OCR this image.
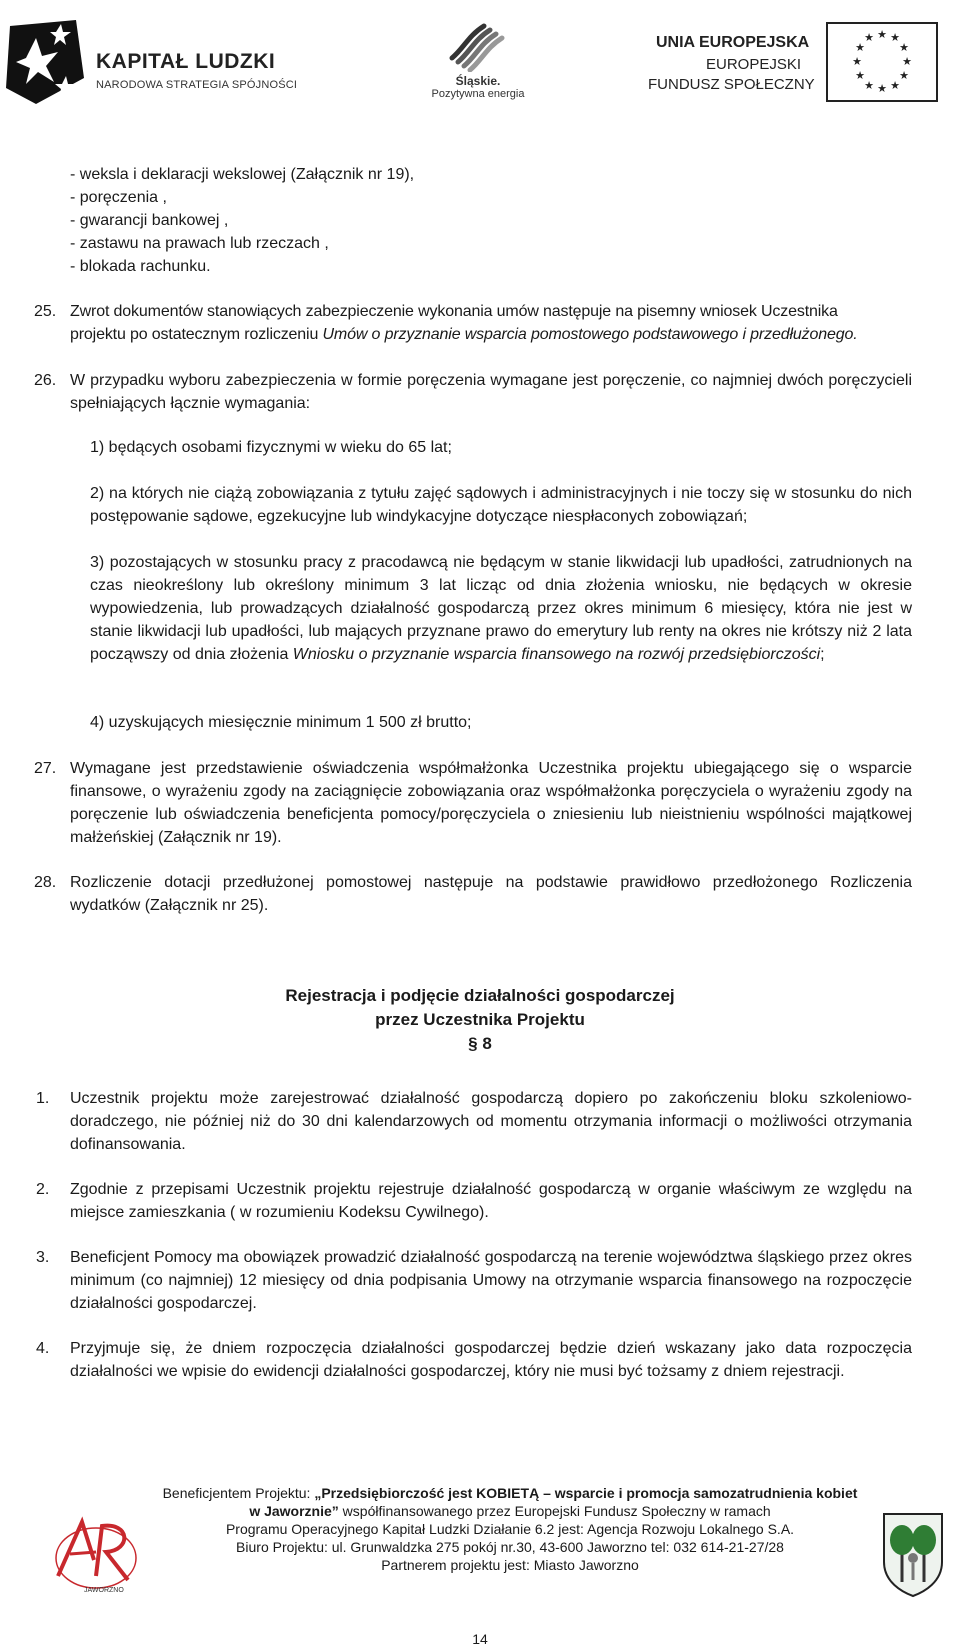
KAPITAŁ LUDZKI
NARODOWA STRATEGIA SPÓJNOŚCI	Śląskie.
Pozytywna energia
UNIA EUROPEJSKA
EUROPEJSKI
FUNDUSZ SPOŁECZNY
★ ★
★
★
★
★
★
★
★
★
★
★
- weksla i deklaracji wekslowej (Załącznik nr 19),
- poręczenia ,
- gwarancji bankowej ,
- zastawu na prawach lub rzeczach ,
- blokada rachunku.
25. Zwrot dokumentów stanowiących zabezpieczenie wykonania umów następuje na pisemny wniosek Uczestnika
projektu po ostatecznym rozliczeniu Umów o przyznanie wsparcia pomostowego podstawowego i przedłużonego.
26. W przypadku wyboru zabezpieczenia w formie poręczenia wymagane jest poręczenie, co najmniej dwóch poręczycieli spełniających łącznie wymagania:
1) będących osobami fizycznymi w wieku do 65 lat;
2) na których nie ciążą zobowiązania z tytułu zajęć sądowych i administracyjnych i nie toczy się w stosunku do nich postępowanie sądowe, egzekucyjne lub windykacyjne dotyczące niespłaconych zobowiązań;
3) pozostających w stosunku pracy z pracodawcą nie będącym w stanie likwidacji lub upadłości, zatrudnionych na czas nieokreślony lub określony minimum 3 lat licząc od dnia złożenia wniosku, nie będących w okresie wypowiedzenia, lub prowadzących działalność gospodarczą przez okres minimum 6 miesięcy, która nie jest w stanie likwidacji lub upadłości, lub mających przyznane prawo do emerytury lub renty na okres nie krótszy niż 2 lata począwszy od dnia złożenia Wniosku o przyznanie wsparcia finansowego na rozwój przedsiębiorczości;
4) uzyskujących miesięcznie minimum 1 500 zł brutto;
27. Wymagane jest przedstawienie oświadczenia współmałżonka Uczestnika projektu ubiegającego się o wsparcie finansowe, o wyrażeniu zgody na zaciągnięcie zobowiązania oraz współmałżonka poręczyciela o wyrażeniu zgody na poręczenie lub oświadczenia beneficjenta pomocy/poręczyciela o zniesieniu lub nieistnieniu wspólności majątkowej małżeńskiej (Załącznik nr 19).
28. Rozliczenie dotacji przedłużonej pomostowej następuje na podstawie prawidłowo przedłożonego Rozliczenia wydatków (Załącznik nr 25).
Rejestracja i podjęcie działalności gospodarczej
przez Uczestnika Projektu
§ 8
1. Uczestnik projektu może zarejestrować działalność gospodarczą dopiero po zakończeniu bloku szkoleniowo-doradczego, nie później niż do 30 dni kalendarzowych od momentu otrzymania informacji o możliwości otrzymania dofinansowania.
2. Zgodnie z przepisami Uczestnik projektu rejestruje działalność gospodarczą w organie właściwym ze względu na miejsce zamieszkania ( w rozumieniu Kodeksu Cywilnego).
3. Beneficjent Pomocy ma obowiązek prowadzić działalność gospodarczą na terenie województwa śląskiego przez okres minimum (co najmniej) 12 miesięcy od dnia podpisania Umowy na otrzymanie wsparcia finansowego na rozpoczęcie działalności gospodarczej.
4. Przyjmuje się, że dniem rozpoczęcia działalności gospodarczej będzie dzień wskazany jako data rozpoczęcia działalności we wpisie do ewidencji działalności gospodarczej, który nie musi być tożsamy z dniem rejestracji.
JAWORZNO
Beneficjentem Projektu: „Przedsiębiorczość jest KOBIETĄ – wsparcie i promocja samozatrudnienia kobiet
w Jaworznie” współfinansowanego przez Europejski Fundusz Społeczny w ramach
Programu Operacyjnego Kapitał Ludzki Działanie 6.2 jest: Agencja Rozwoju Lokalnego S.A.
Biuro Projektu: ul. Grunwaldzka 275 pokój nr.30, 43-600 Jaworzno tel: 032 614-21-27/28
Partnerem projektu jest: Miasto Jaworzno
14
